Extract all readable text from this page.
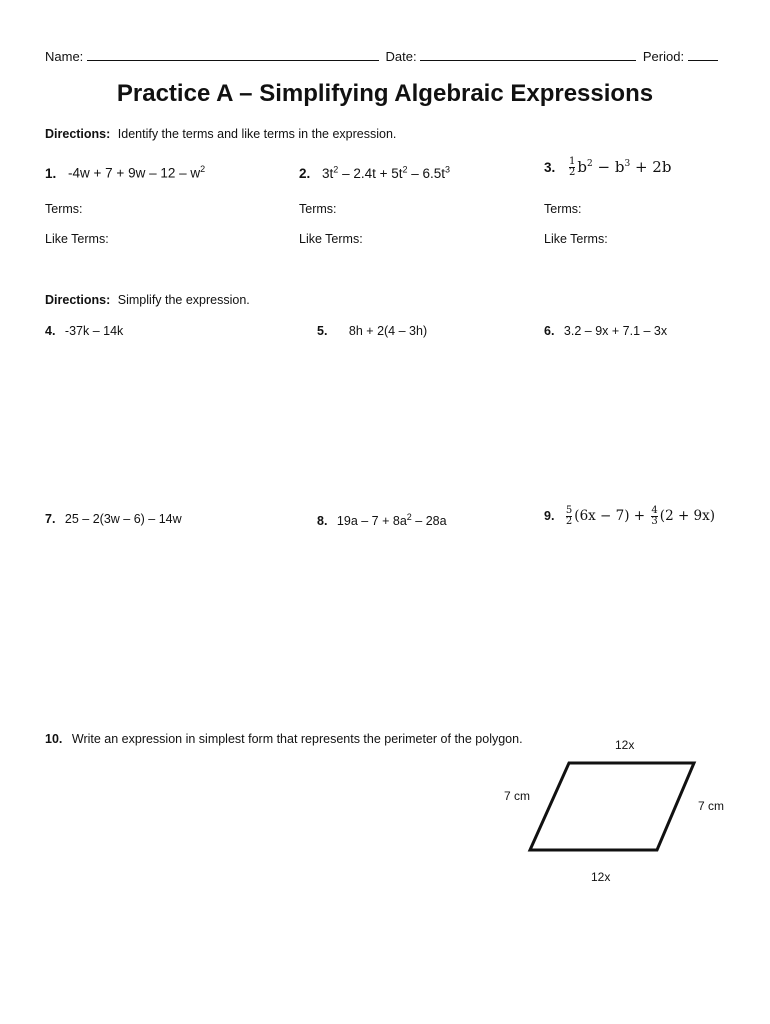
Name:	Date:	Period:
Practice A – Simplifying Algebraic Expressions
Directions: Identify the terms and like terms in the expression.
1. $-4w + 7 + 9w - 12 - w^2$	2. $3t^2 - 2.4t + 5t^2 - 6.5t^3$	3. $\frac{1}{2} b^2 - b^3 + 2b$
Terms:	Terms:	Terms:
Like Terms:	Like Terms:	Like Terms:
Directions: Simplify the expression.
4. -37k – 14k	5. 8h + 2(4 – 3h)	6. 3.2 – 9x + 7.1 – 3x
7. 25 – 2(3w – 6) – 14w	8. $19a - 7 + 8a^2 - 28a$	9. $\frac{5}{2} (6x - 7) + \frac{4}{3} (2 + 9x)$
10. Write an expression in simplest form that represents the perimeter of the polygon.	12x
12x
7 cm
7 cm
